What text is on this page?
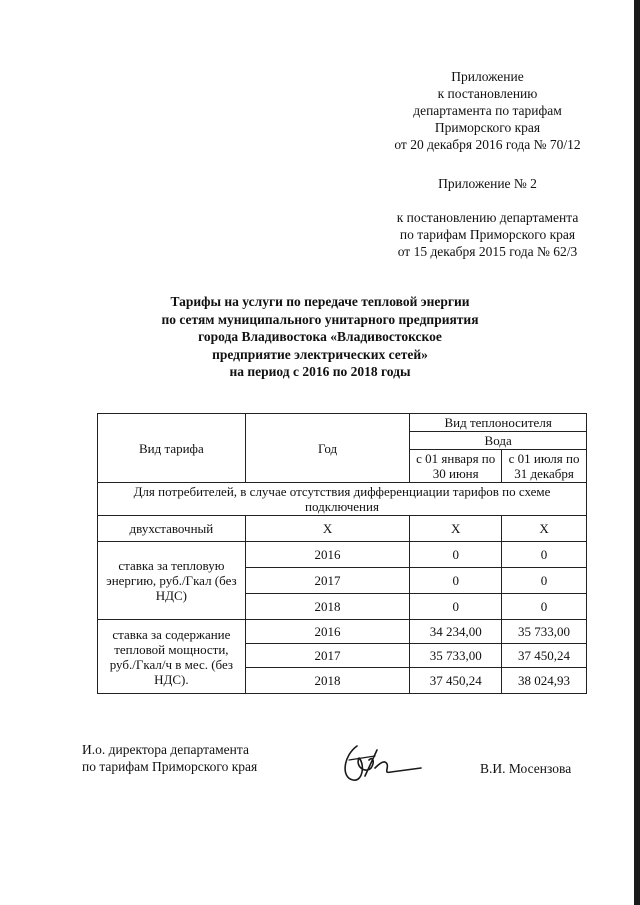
Приложение
к постановлению
департамента по тарифам
Приморского края
от 20 декабря 2016 года № 70/12
Приложение № 2
к постановлению департамента
по тарифам Приморского края
от 15 декабря 2015 года № 62/3
Тарифы на услуги по передаче тепловой энергии
по сетям муниципального унитарного предприятия
города Владивостока «Владивостокское
предприятие электрических сетей»
на период с 2016 по 2018 годы
Вид тарифа	Год	Вид теплоносителя	
		Вода	
		с 01 января по 30 июня	с 01 июля по 31 декабря
Для потребителей, в случае отсутствия дифференциации тарифов по схеме подключения			
двухставочный	Х	Х	Х
ставка за тепловую энергию, руб./Гкал (без НДС)	2016	0	0
	2017	0	0
	2018	0	0
ставка за содержание тепловой мощности, руб./Гкал/ч в мес. (без НДС).	2016	34 234,00	35 733,00
	2017	35 733,00	37 450,24
	2018	37 450,24	38 024,93
И.о. директора департамента
по тарифам Приморского края	В.И. Мосензова
